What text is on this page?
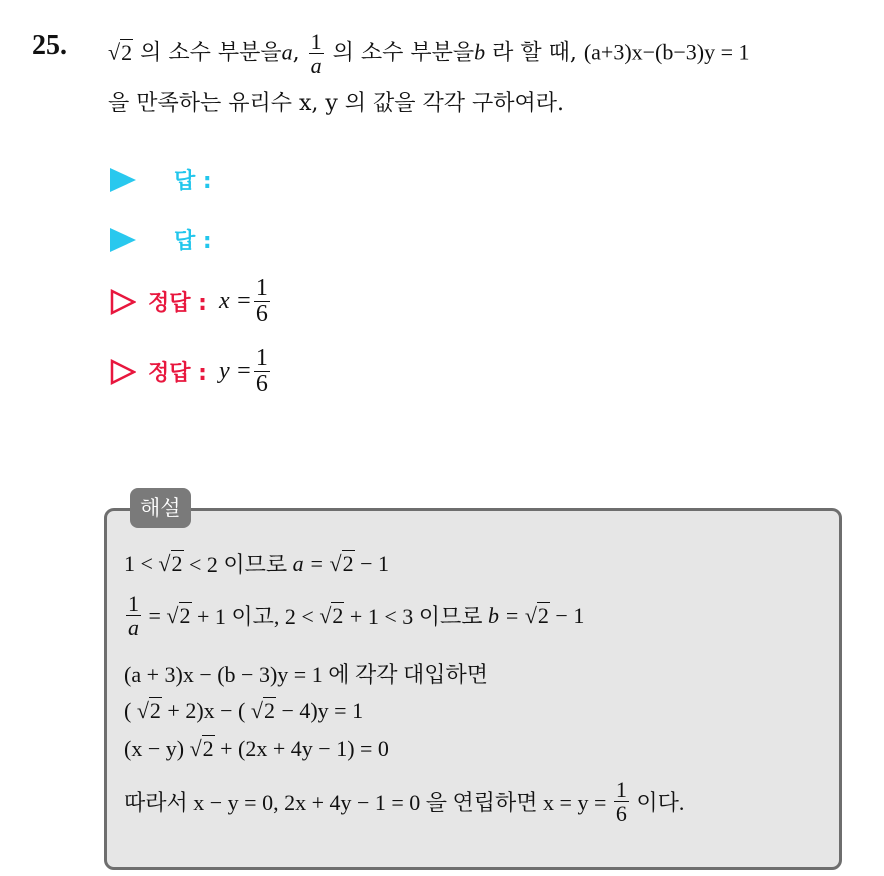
25. √2 의 소수 부분을a, $\frac{1}{a}$ 의 소수 부분을b 라 할 때, (a+3)x−(b−3)y = 1
을 만족하는 유리수 x, y 의 값을 각각 구하여라.
답 :
답 :
정답 : $x = \frac{1}{6}$
정답 : $y = \frac{1}{6}$
해설
1 <
√2
< 2 이므로
a =
√2
− 1
$\frac{1}{a}$
=
√2
+ 1 이고, 2 <
√2
+ 1 < 3 이므로
b =
√2
− 1
(a + 3)x − (b − 3)y = 1 에 각각 대입하면
(
√2
+ 2)x − (
√2
− 4)y = 1
(x − y)
√2
+ (2x + 4y − 1) = 0
따라서 x − y = 0, 2x + 4y − 1 = 0 을 연립하면 x = y =
$\frac{1}{6}$
이다.
